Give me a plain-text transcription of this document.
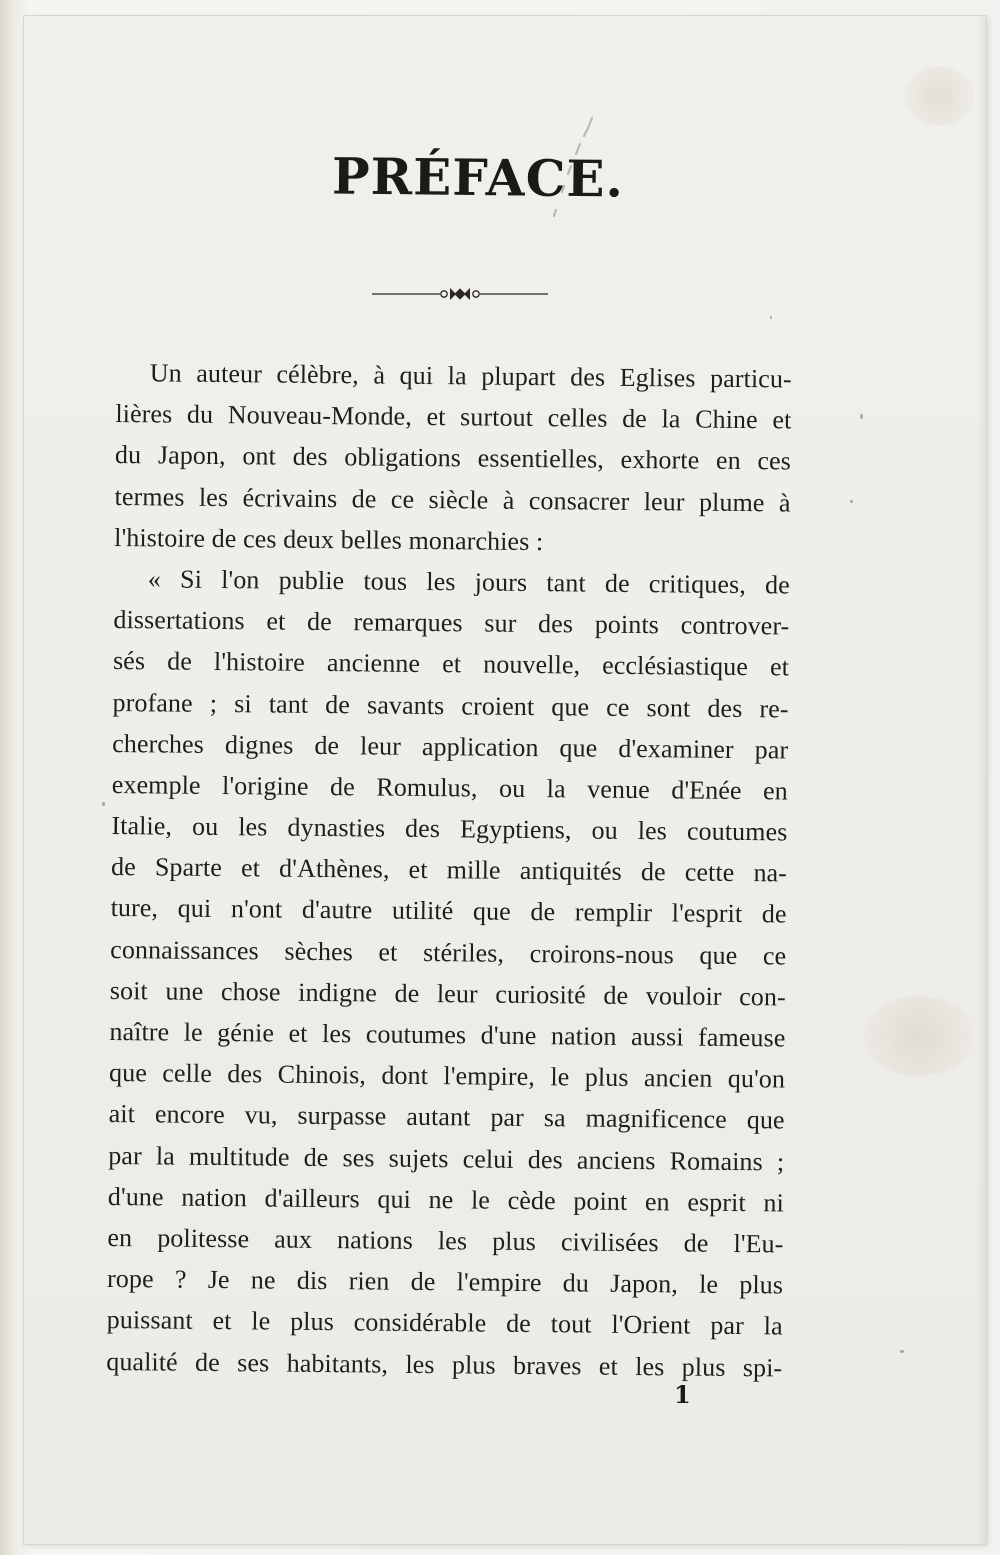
PRÉFACE.
Un auteur célèbre, à qui la plupart des Eglises particu-
lières du Nouveau-Monde, et surtout celles de la Chine et
du Japon, ont des obligations essentielles, exhorte en ces
termes les écrivains de ce siècle à consacrer leur plume à
l'histoire de ces deux belles monarchies :
« Si l'on publie tous les jours tant de critiques, de
dissertations et de remarques sur des points controver-
sés de l'histoire ancienne et nouvelle, ecclésiastique et
profane ; si tant de savants croient que ce sont des re-
cherches dignes de leur application que d'examiner par
exemple l'origine de Romulus, ou la venue d'Enée en
Italie, ou les dynasties des Egyptiens, ou les coutumes
de Sparte et d'Athènes, et mille antiquités de cette na-
ture, qui n'ont d'autre utilité que de remplir l'esprit de
connaissances sèches et stériles, croirons-nous que ce
soit une chose indigne de leur curiosité de vouloir con-
naître le génie et les coutumes d'une nation aussi fameuse
que celle des Chinois, dont l'empire, le plus ancien qu'on
ait encore vu, surpasse autant par sa magnificence que
par la multitude de ses sujets celui des anciens Romains ;
d'une nation d'ailleurs qui ne le cède point en esprit ni
en politesse aux nations les plus civilisées de l'Eu-
rope ? Je ne dis rien de l'empire du Japon, le plus
puissant et le plus considérable de tout l'Orient par la
qualité de ses habitants, les plus braves et les plus spi-
1
